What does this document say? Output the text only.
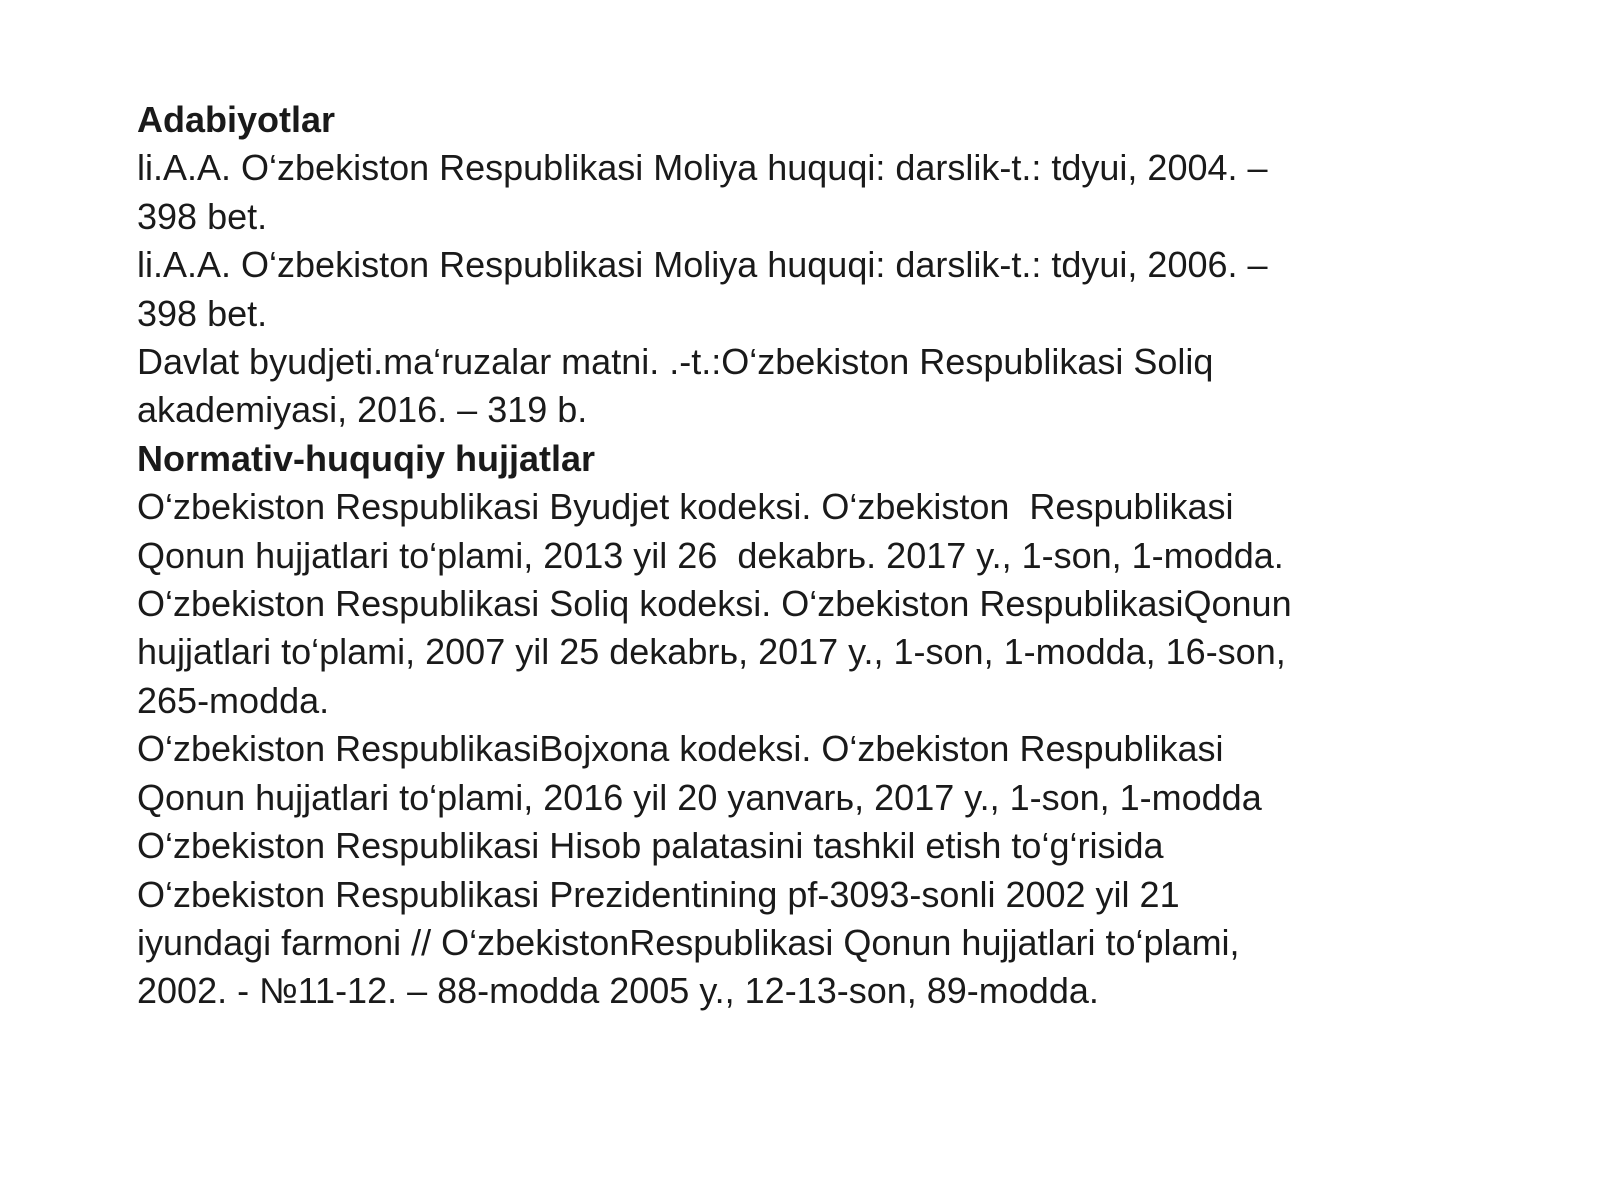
Adabiyotlar
li.A.A. O‘zbekiston Respublikasi Moliya huquqi: darslik-t.: tdyui, 2004. –
398 bet.
li.A.A. O‘zbekiston Respublikasi Moliya huquqi: darslik-t.: tdyui, 2006. –
398 bet.
Davlat byudjeti.ma‘ruzalar matni. .-t.:O‘zbekiston Respublikasi Soliq
akademiyasi, 2016. – 319 b.
Normativ-huquqiy hujjatlar
O‘zbekiston Respublikasi Byudjet kodeksi. O‘zbekiston  Respublikasi
Qonun hujjatlari to‘plami, 2013 yil 26  dekabrь. 2017 y., 1-son, 1-modda.
O‘zbekiston Respublikasi Soliq kodeksi. O‘zbekiston RespublikasiQonun
hujjatlari to‘plami, 2007 yil 25 dekabrь, 2017 y., 1-son, 1-modda, 16-son,
265-modda.
O‘zbekiston RespublikasiBojxona kodeksi. O‘zbekiston Respublikasi
Qonun hujjatlari to‘plami, 2016 yil 20 yanvarь, 2017 y., 1-son, 1-modda
O‘zbekiston Respublikasi Hisob palatasini tashkil etish to‘g‘risida
O‘zbekiston Respublikasi Prezidentining pf-3093-sonli 2002 yil 21
iyundagi farmoni // O‘zbekistonRespublikasi Qonun hujjatlari to‘plami,
2002. - №11-12. – 88-modda 2005 y., 12-13-son, 89-modda.
